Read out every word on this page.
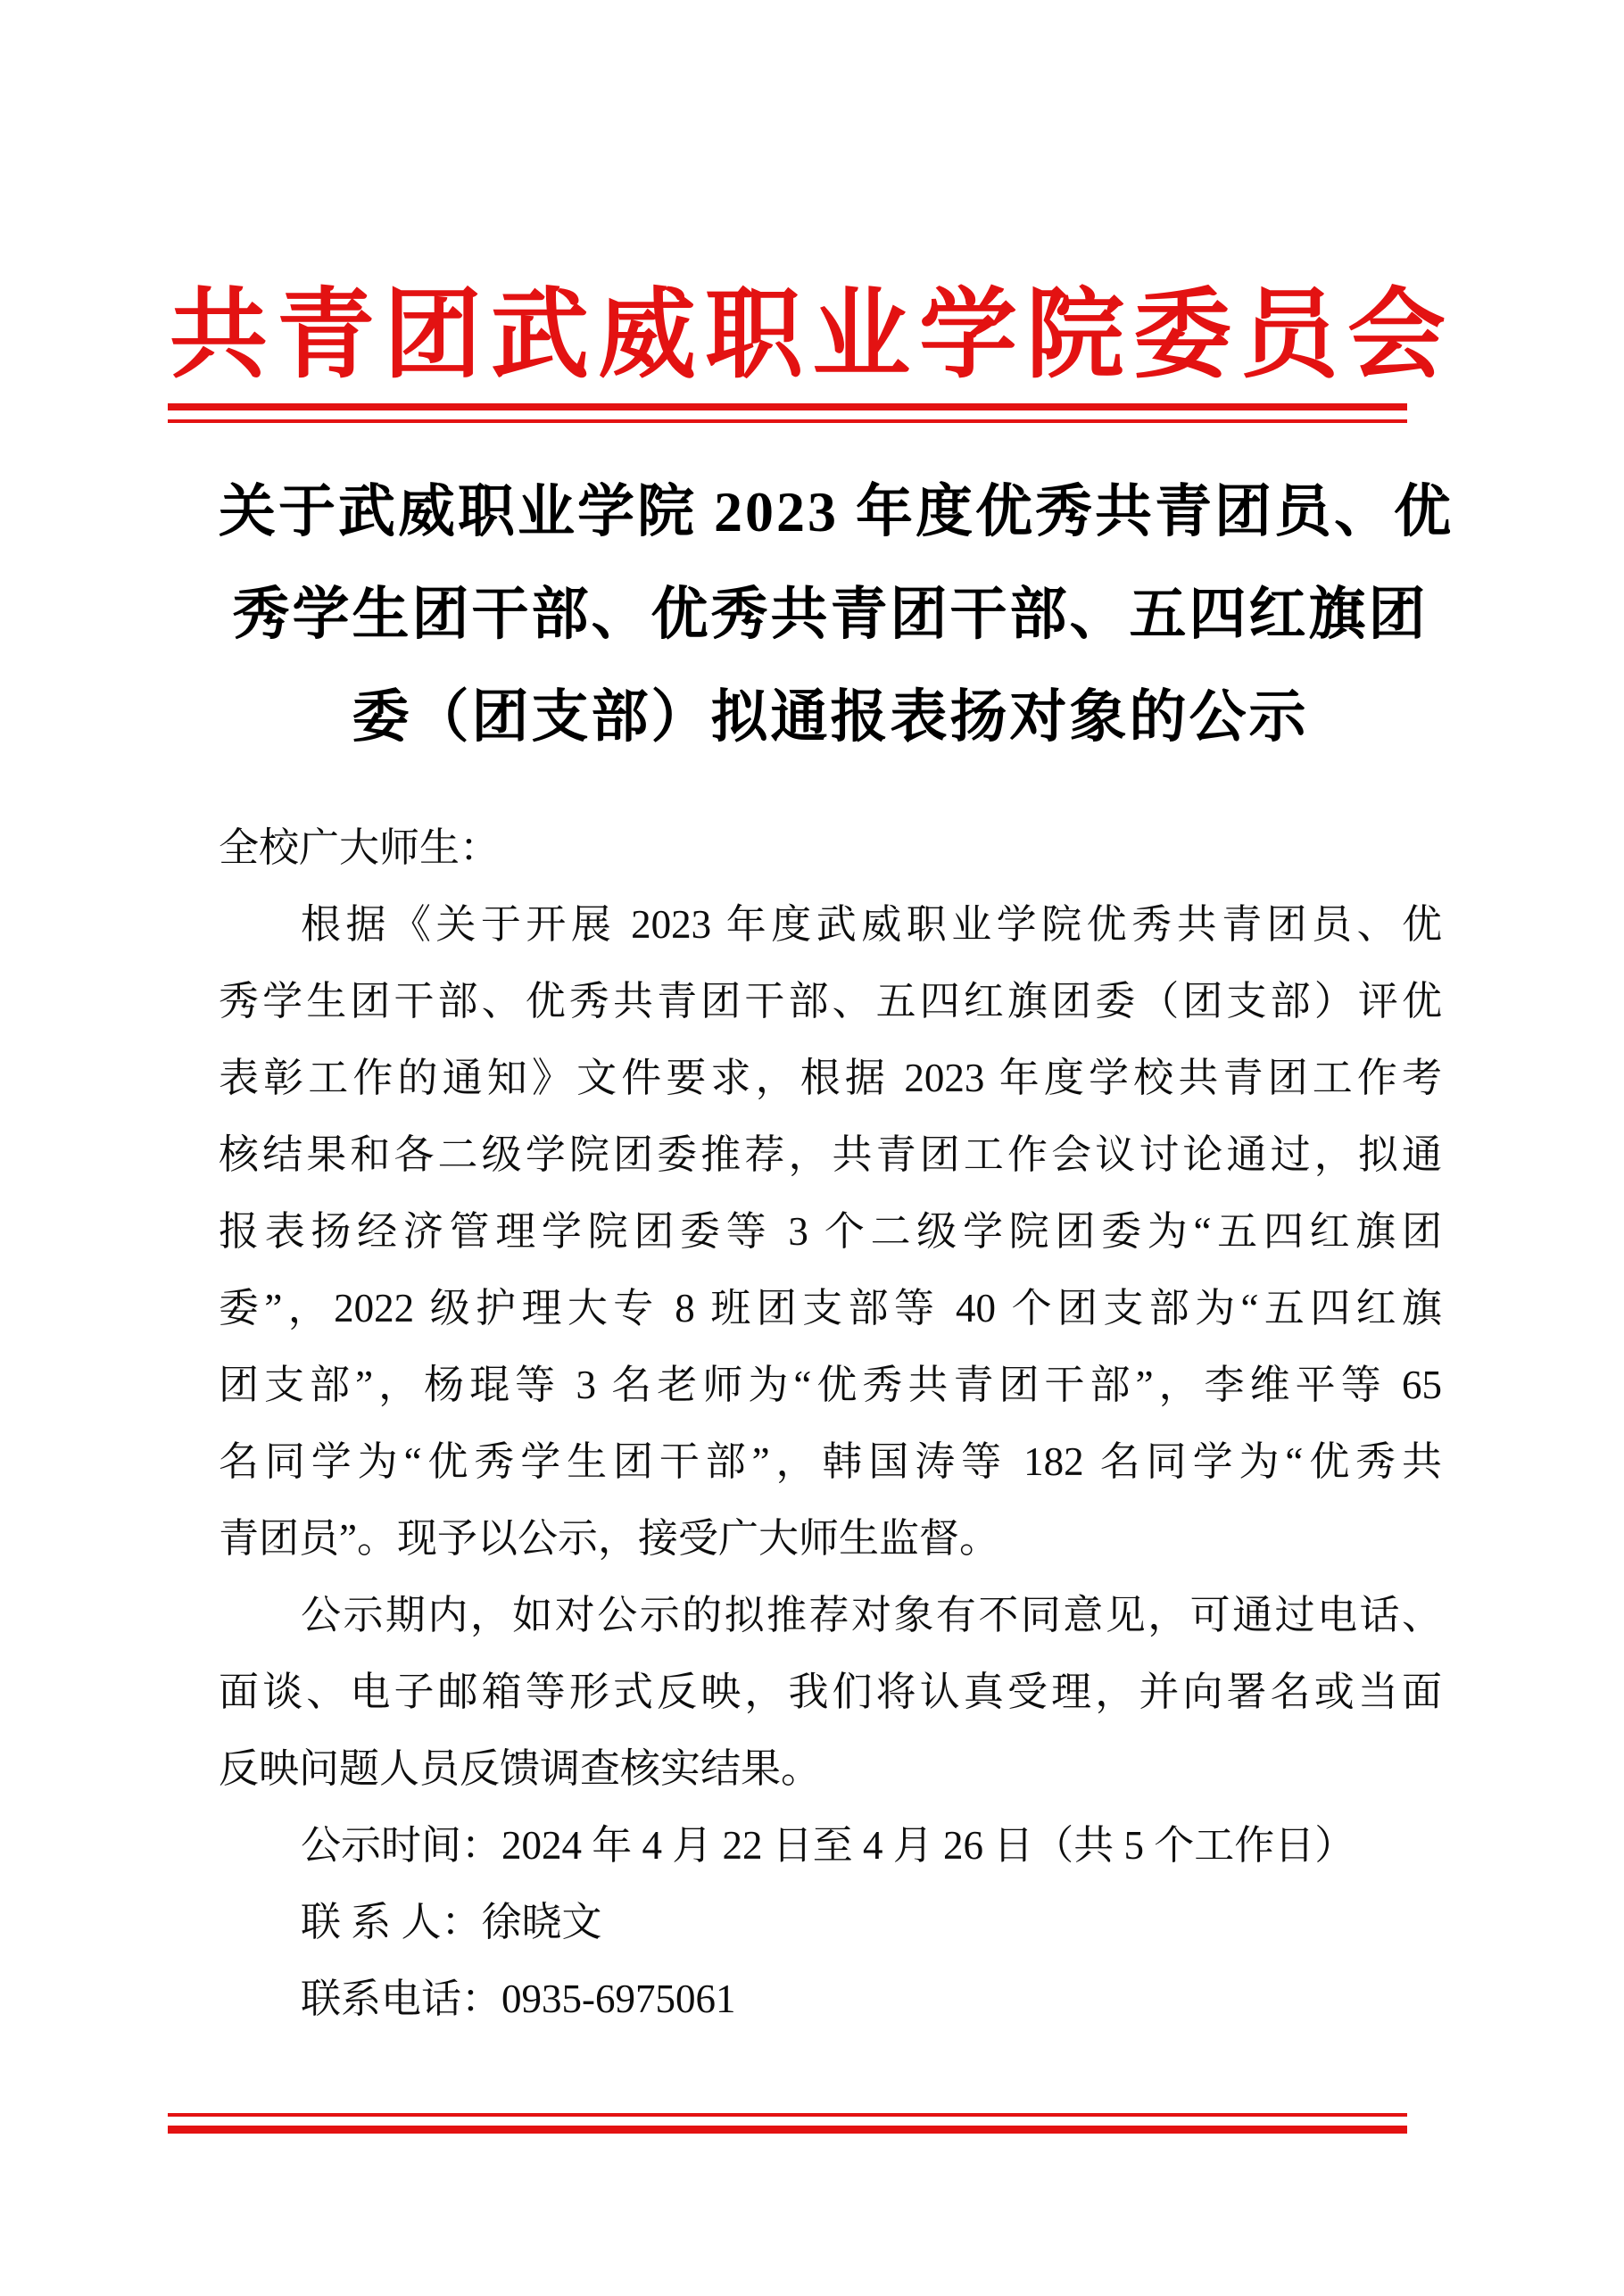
共青团武威职业学院委员会
关于武威职业学院 2023 年度优秀共青团员、优
秀学生团干部、优秀共青团干部、五四红旗团
委（团支部）拟通报表扬对象的公示
全校广大师生：
根据《关于开展 2023 年度武威职业学院优秀共青团员、优
秀学生团干部、优秀共青团干部、五四红旗团委（团支部）评优
表彰工作的通知》文件要求，根据 2023 年度学校共青团工作考
核结果和各二级学院团委推荐，共青团工作会议讨论通过，拟通
报表扬经济管理学院团委等 3 个二级学院团委为“五四红旗团
委”，2022 级护理大专 8 班团支部等 40 个团支部为“五四红旗
团支部”，杨琨等 3 名老师为“优秀共青团干部”，李维平等 65
名同学为“优秀学生团干部”，韩国涛等 182 名同学为“优秀共
青团员”。现予以公示，接受广大师生监督。
公示期内，如对公示的拟推荐对象有不同意见，可通过电话、
面谈、电子邮箱等形式反映，我们将认真受理，并向署名或当面
反映问题人员反馈调查核实结果。
公示时间：2024 年 4 月 22 日至 4 月 26 日（共 5 个工作日）
联 系 人：徐晓文
联系电话：0935-6975061
